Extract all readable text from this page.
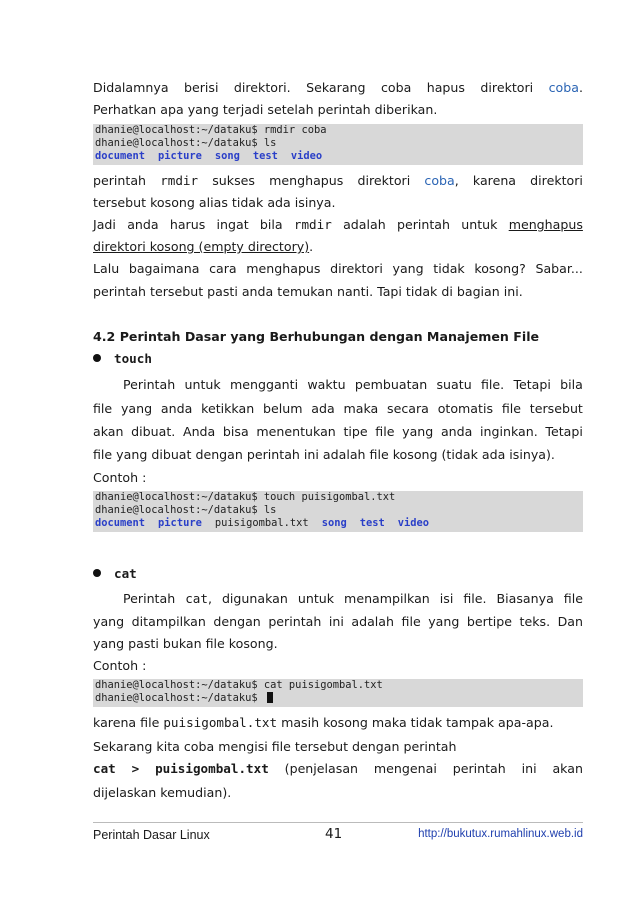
Didalamnya berisi direktori. Sekarang coba hapus direktori coba.
Perhatkan apa yang terjadi setelah perintah diberikan.
dhanie@localhost:~/dataku$ rmdir coba
dhanie@localhost:~/dataku$ ls
document picture song test video
perintah rmdir sukses menghapus direktori coba, karena direktori
tersebut kosong alias tidak ada isinya.
Jadi anda harus ingat bila rmdir adalah perintah untuk menghapus
direktori kosong (empty directory).
Lalu bagaimana cara menghapus direktori yang tidak kosong? Sabar...
perintah tersebut pasti anda temukan nanti. Tapi tidak di bagian ini.
4.2 Perintah Dasar yang Berhubungan dengan Manajemen File
touch
Perintah untuk mengganti waktu pembuatan suatu file. Tetapi bila
file yang anda ketikkan belum ada maka secara otomatis file tersebut
akan dibuat. Anda bisa menentukan tipe file yang anda inginkan. Tetapi
file yang dibuat dengan perintah ini adalah file kosong (tidak ada isinya).
Contoh :
dhanie@localhost:~/dataku$ touch puisigombal.txt
dhanie@localhost:~/dataku$ ls
document picture puisigombal.txt song test video
cat
Perintah cat, digunakan untuk menampilkan isi file. Biasanya file
yang ditampilkan dengan perintah ini adalah file yang bertipe teks. Dan
yang pasti bukan file kosong.
Contoh :
dhanie@localhost:~/dataku$ cat puisigombal.txt
dhanie@localhost:~/dataku$
karena file puisigombal.txt masih kosong maka tidak tampak apa-apa.
Sekarang kita coba mengisi file tersebut dengan perintah
cat > puisigombal.txt (penjelasan mengenai perintah ini akan
dijelaskan kemudian).
Perintah Dasar Linux	41	http://bukutux.rumahlinux.web.id
